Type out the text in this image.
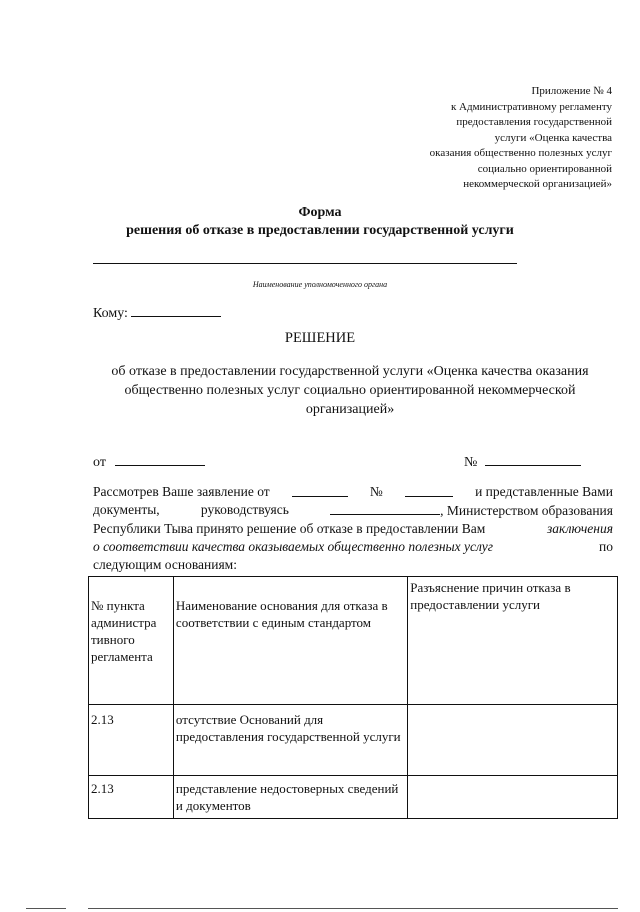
Приложение № 4
к Административному регламенту
предоставления государственной
услуги «Оценка качества
оказания общественно полезных услуг
социально ориентированной
некоммерческой организацией»
Форма
решения об отказе в предоставлении государственной услуги
Наименование уполномоченного органа
Кому:
РЕШЕНИЕ
об отказе в предоставлении государственной услуги «Оценка качества оказания
общественно полезных услуг социально ориентированной некоммерческой
организацией»
от	№
Рассмотрев Ваше заявление от	№	и представленные Вами
документы,	руководствуясь	, Министерством образования
Республики Тыва принято решение об отказе в предоставлении Вам	заключения
о соответствии качества оказываемых общественно полезных услуг	по
следующим основаниям:
№ пункта администра тивного регламента	Наименование основания для отказа в соответствии с единым стандартом	Разъяснение причин отказа в предоставлении услуги
2.13	отсутствие Оснований для предоставления государственной услуги	
2.13	представление недостоверных сведений и документов	
